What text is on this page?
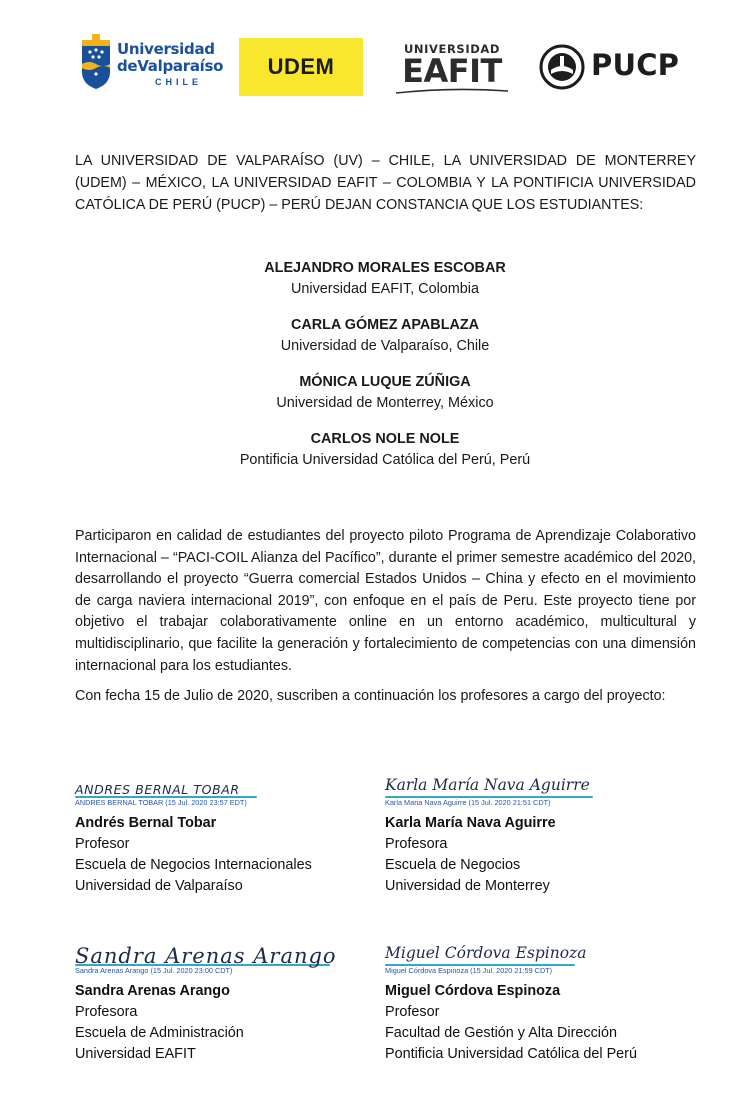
Universidad
deValparaíso
CHILE
UDEM
UNIVERSIDAD
EAFIT	PUCP

LA UNIVERSIDAD DE VALPARAÍSO (UV) – CHILE, LA UNIVERSIDAD DE MONTERREY (UDEM) – MÉXICO, LA UNIVERSIDAD EAFIT – COLOMBIA Y LA PONTIFICIA UNIVERSIDAD CATÓLICA DE PERÚ (PUCP) – PERÚ DEJAN CONSTANCIA QUE LOS ESTUDIANTES:

ALEJANDRO MORALES ESCOBAR
Universidad EAFIT, Colombia
CARLA GÓMEZ APABLAZA
Universidad de Valparaíso, Chile
MÓNICA LUQUE ZÚÑIGA
Universidad de Monterrey, México
CARLOS NOLE NOLE
Pontificia Universidad Católica del Perú, Perú

Participaron en calidad de estudiantes del proyecto piloto Programa de Aprendizaje Colaborativo Internacional – “PACI-COIL Alianza del Pacífico”, durante el primer semestre académico del 2020, desarrollando el proyecto “Guerra comercial Estados Unidos – China y efecto en el movimiento de carga naviera internacional 2019”, con enfoque en el país de Peru. Este proyecto tiene por objetivo el trabajar colaborativamente online en un entorno académico, multicultural y multidisciplinario, que facilite la generación y fortalecimiento de competencias con una dimensión internacional para los estudiantes.

Con fecha 15 de Julio de 2020, suscriben a continuación los profesores a cargo del proyecto:

ANDRES BERNAL TOBAR
ANDRES BERNAL TOBAR (15 Jul. 2020 23:57 EDT)
Andrés Bernal Tobar
Profesor
Escuela de Negocios Internacionales
Universidad de Valparaíso
Karla María Nava Aguirre
Karla Maria Nava Aguirre (15 Jul. 2020 21:51 CDT)
Karla María Nava Aguirre
Profesora
Escuela de Negocios
Universidad de Monterrey
Sandra Arenas Arango
Sandra Arenas Arango (15 Jul. 2020 23:00 CDT)
Sandra Arenas Arango
Profesora
Escuela de Administración
Universidad EAFIT
Miguel Córdova Espinoza
Miguel Córdova Espinoza (15 Jul. 2020 21:59 CDT)
Miguel Córdova Espinoza
Profesor
Facultad de Gestión y Alta Dirección
Pontificia Universidad Católica del Perú
